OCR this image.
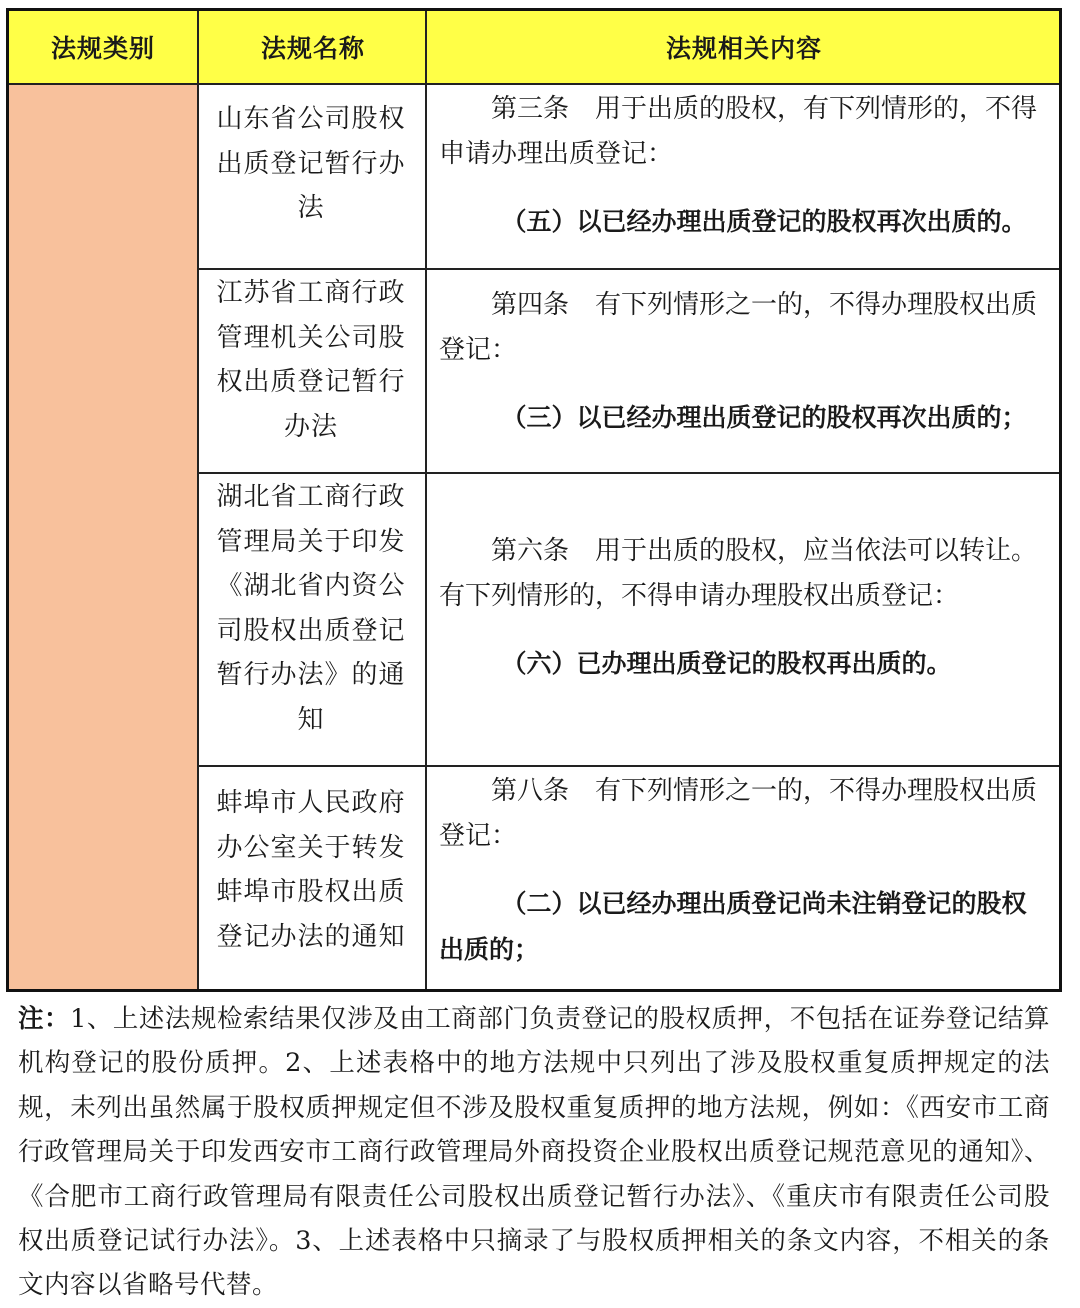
法规类别	法规名称	法规相关内容
山东省公司股权出质登记暂行办法
第三条　用于出质的股权，有下列情形的，不得申请办理出质登记：
（五）以已经办理出质登记的股权再次出质的。
江苏省工商行政管理机关公司股权出质登记暂行办法
第四条　有下列情形之一的，不得办理股权出质登记：
（三）以已经办理出质登记的股权再次出质的；
湖北省工商行政管理局关于印发《湖北省内资公司股权出质登记暂行办法》的通知
第六条　用于出质的股权，应当依法可以转让。有下列情形的，不得申请办理股权出质登记：
（六）已办理出质登记的股权再出质的。
蚌埠市人民政府办公室关于转发蚌埠市股权出质登记办法的通知
第八条　有下列情形之一的，不得办理股权出质登记：
（二）以已经办理出质登记尚未注销登记的股权出质的；
注：1、上述法规检索结果仅涉及由工商部门负责登记的股权质押，不包括在证券登记结算机构登记的股份质押。2、上述表格中的地方法规中只列出了涉及股权重复质押规定的法规，未列出虽然属于股权质押规定但不涉及股权重复质押的地方法规，例如：《西安市工商行政管理局关于印发西安市工商行政管理局外商投资企业股权出质登记规范意见的通知》、《合肥市工商行政管理局有限责任公司股权出质登记暂行办法》、《重庆市有限责任公司股权出质登记试行办法》。3、上述表格中只摘录了与股权质押相关的条文内容，不相关的条文内容以省略号代替。
